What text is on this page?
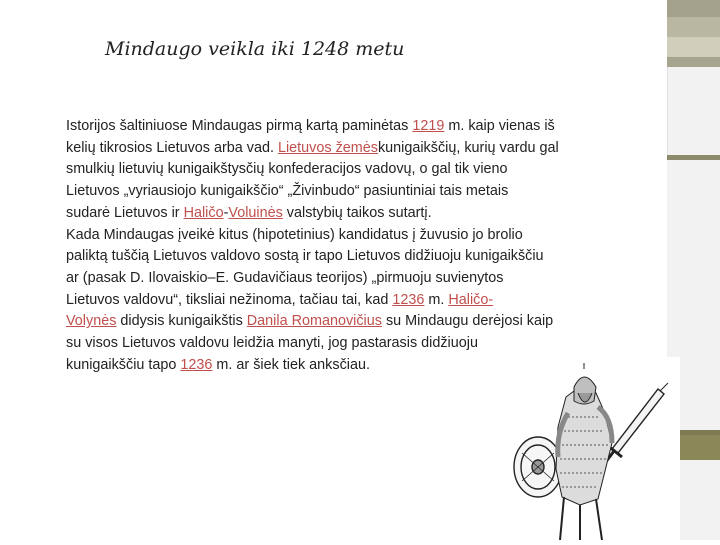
Mindaugo veikla iki 1248 metu

Istorijos šaltiniuose Mindaugas pirmą kartą paminėtas 1219 m. kaip vienas iš

kelių tikrosios Lietuvos arba vad. Lietuvos žemėskunigaikščių, kurių vardu gal

smulkių lietuvių kunigaikštysčių konfederacijos vadovų, o gal tik vieno

Lietuvos „vyriausiojo kunigaikščio“ „Živinbudo“ pasiuntiniai tais metais

sudarė Lietuvos ir Haličo-Voluinės valstybių taikos sutartį.

Kada Mindaugas įveikė kitus (hipotetinius) kandidatus į žuvusio jo brolio

paliktą tuščią Lietuvos valdovo sostą ir tapo Lietuvos didžiuoju kunigaikščiu

ar (pasak D. Ilovaiskio–E. Gudavičiaus teorijos) „pirmuoju suvienytos

Lietuvos valdovu“, tiksliai nežinoma, tačiau tai, kad 1236 m. Haličo-

Volynės didysis kunigaikštis Danila Romanovičius su Mindaugu derėjosi kaip

su visos Lietuvos valdovu leidžia manyti, jog pastarasis didžiuoju

kunigaikščiu tapo 1236 m. ar šiek tiek anksčiau.
